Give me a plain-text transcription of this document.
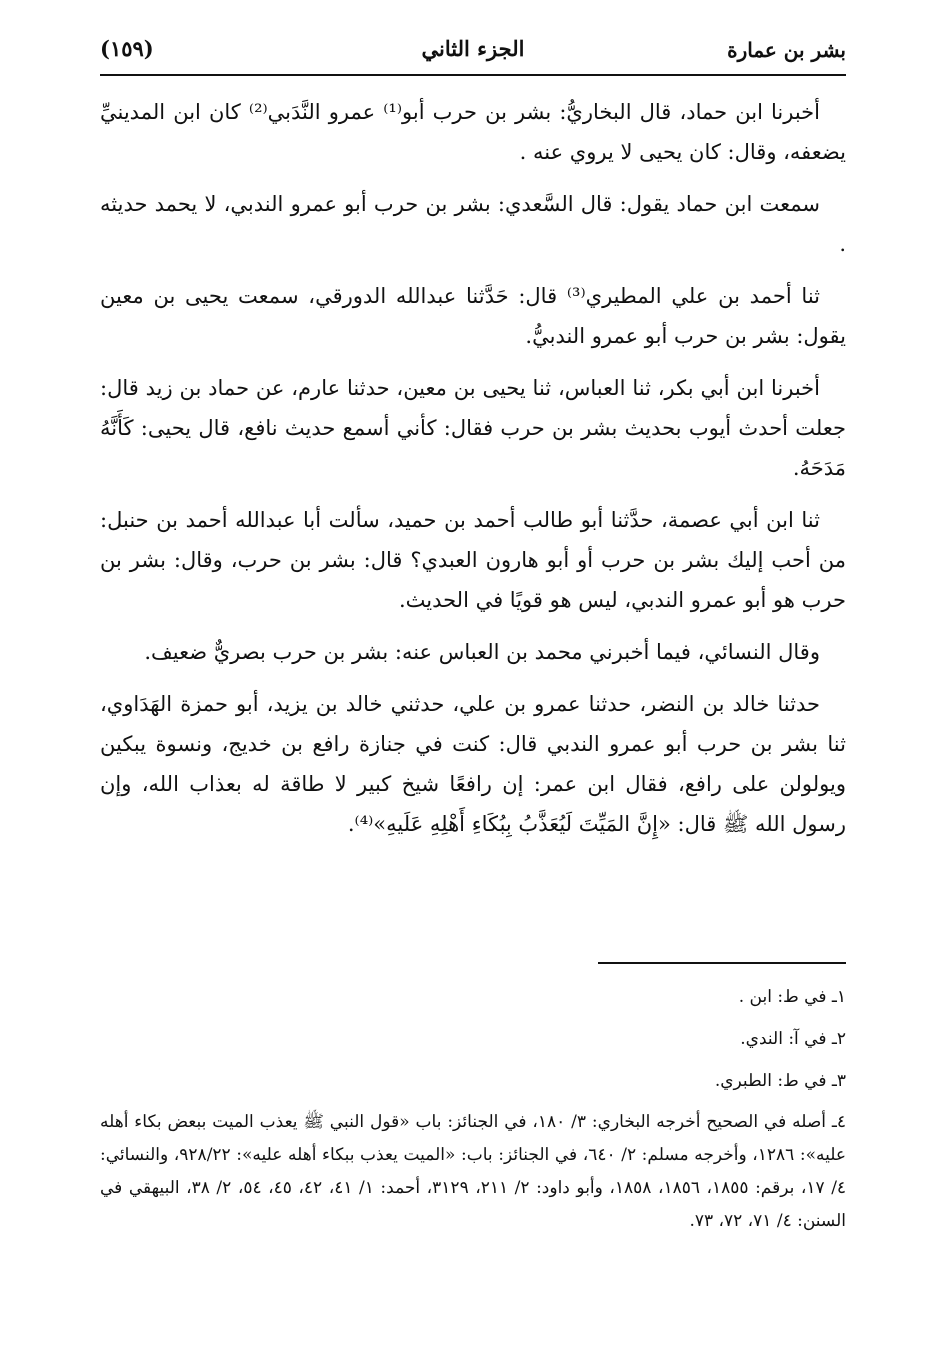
بشر بن عمارة
الجزء الثاني
(١٥٩)

أخبرنا ابن حماد، قال البخاريُّ: بشر بن حرب أبو⁽¹⁾ عمرو النَّدَبي⁽²⁾ كان ابن المدينيِّ يضعفه، وقال: كان يحيى لا يروي عنه .

سمعت ابن حماد يقول: قال السَّعدي: بشر بن حرب أبو عمرو الندبي، لا يحمد حديثه .

ثنا أحمد بن علي المطيري⁽³⁾ قال: حَدَّثنا عبدالله الدورقي، سمعت يحيى بن معين يقول: بشر بن حرب أبو عمرو الندبيُّ.

أخبرنا ابن أبي بكر، ثنا العباس، ثنا يحيى بن معين، حدثنا عارم، عن حماد بن زيد قال: جعلت أحدث أيوب بحديث بشر بن حرب فقال: كأني أسمع حديث نافع، قال يحيى: كَأَنَّهُ مَدَحَهُ.

ثنا ابن أبي عصمة، حدَّثنا أبو طالب أحمد بن حميد، سألت أبا عبدالله أحمد بن حنبل: من أحب إليك بشر بن حرب أو أبو هارون العبدي؟ قال: بشر بن حرب، وقال: بشر بن حرب هو أبو عمرو الندبي، ليس هو قويًا في الحديث.

وقال النسائي، فيما أخبرني محمد بن العباس عنه: بشر بن حرب بصريٌّ ضعيف.

حدثنا خالد بن النضر، حدثنا عمرو بن علي، حدثني خالد بن يزيد، أبو حمزة الهَدَاوي، ثنا بشر بن حرب أبو عمرو الندبي قال: كنت في جنازة رافع بن خديج، ونسوة يبكين ويولولن على رافع، فقال ابن عمر: إن رافعًا شيخ كبير لا طاقة له بعذاب الله، وإن رسول الله ﷺ قال: «إِنَّ المَيِّتَ لَيُعَذَّبُ بِبُكَاءِ أَهْلِهِ عَلَيهِ»⁽⁴⁾.

١ـ في ط: ابن .

٢ـ في آ: الندي.

٣ـ في ط: الطبري.

٤ـ أصله في الصحيح أخرجه البخاري: ٣/ ١٨٠، في الجنائز: باب «قول النبي ﷺ يعذب الميت ببعض بكاء أهله عليه»: ١٢٨٦، وأخرجه مسلم: ٢/ ٦٤٠، في الجنائز: باب: «الميت يعذب ببكاء أهله عليه»: ٩٢٨/٢٢، والنسائي: ٤/ ١٧، برقم: ١٨٥٥، ١٨٥٦، ١٨٥٨، وأبو داود: ٢/ ٢١١، ٣١٢٩، أحمد: ١/ ٤١، ٤٢، ٤٥، ٥٤، ٢/ ٣٨، البيهقي في السنن: ٤/ ٧١، ٧٢، ٧٣.
